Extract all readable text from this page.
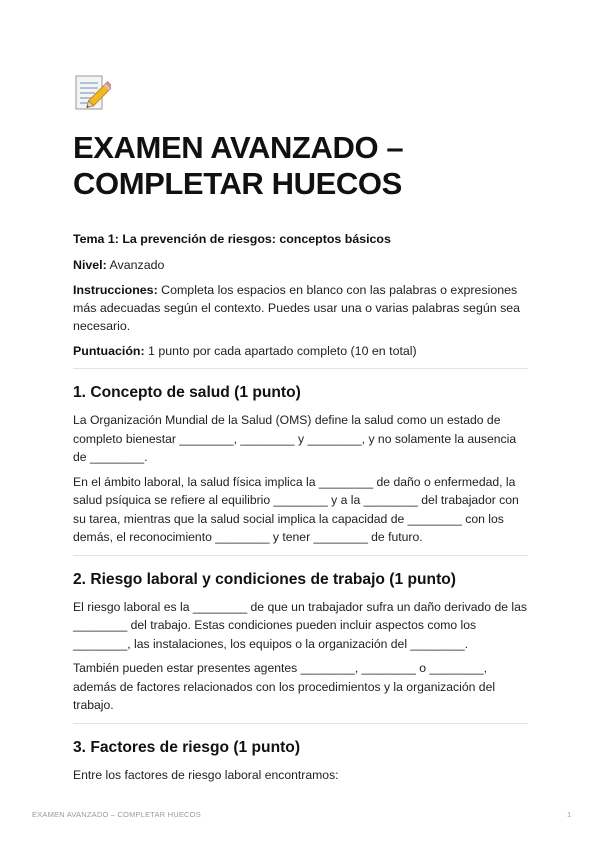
EXAMEN AVANZADO –
COMPLETAR HUECOS

Tema 1: La prevención de riesgos: conceptos básicos

Nivel: Avanzado

Instrucciones: Completa los espacios en blanco con las palabras o expresiones más adecuadas según el contexto. Puedes usar una o varias palabras según sea necesario.

Puntuación: 1 punto por cada apartado completo (10 en total)

1. Concepto de salud (1 punto)

La Organización Mundial de la Salud (OMS) define la salud como un estado de completo bienestar ________, ________ y ________, y no solamente la ausencia de ________.

En el ámbito laboral, la salud física implica la ________ de daño o enfermedad, la salud psíquica se refiere al equilibrio ________ y a la ________ del trabajador con su tarea, mientras que la salud social implica la capacidad de ________ con los demás, el reconocimiento ________ y tener ________ de futuro.

2. Riesgo laboral y condiciones de trabajo (1 punto)

El riesgo laboral es la ________ de que un trabajador sufra un daño derivado de las ________ del trabajo. Estas condiciones pueden incluir aspectos como los ________, las instalaciones, los equipos o la organización del ________.

También pueden estar presentes agentes ________, ________ o ________, además de factores relacionados con los procedimientos y la organización del trabajo.

3. Factores de riesgo (1 punto)

Entre los factores de riesgo laboral encontramos:

EXAMEN AVANZADO – COMPLETAR HUECOS	1
